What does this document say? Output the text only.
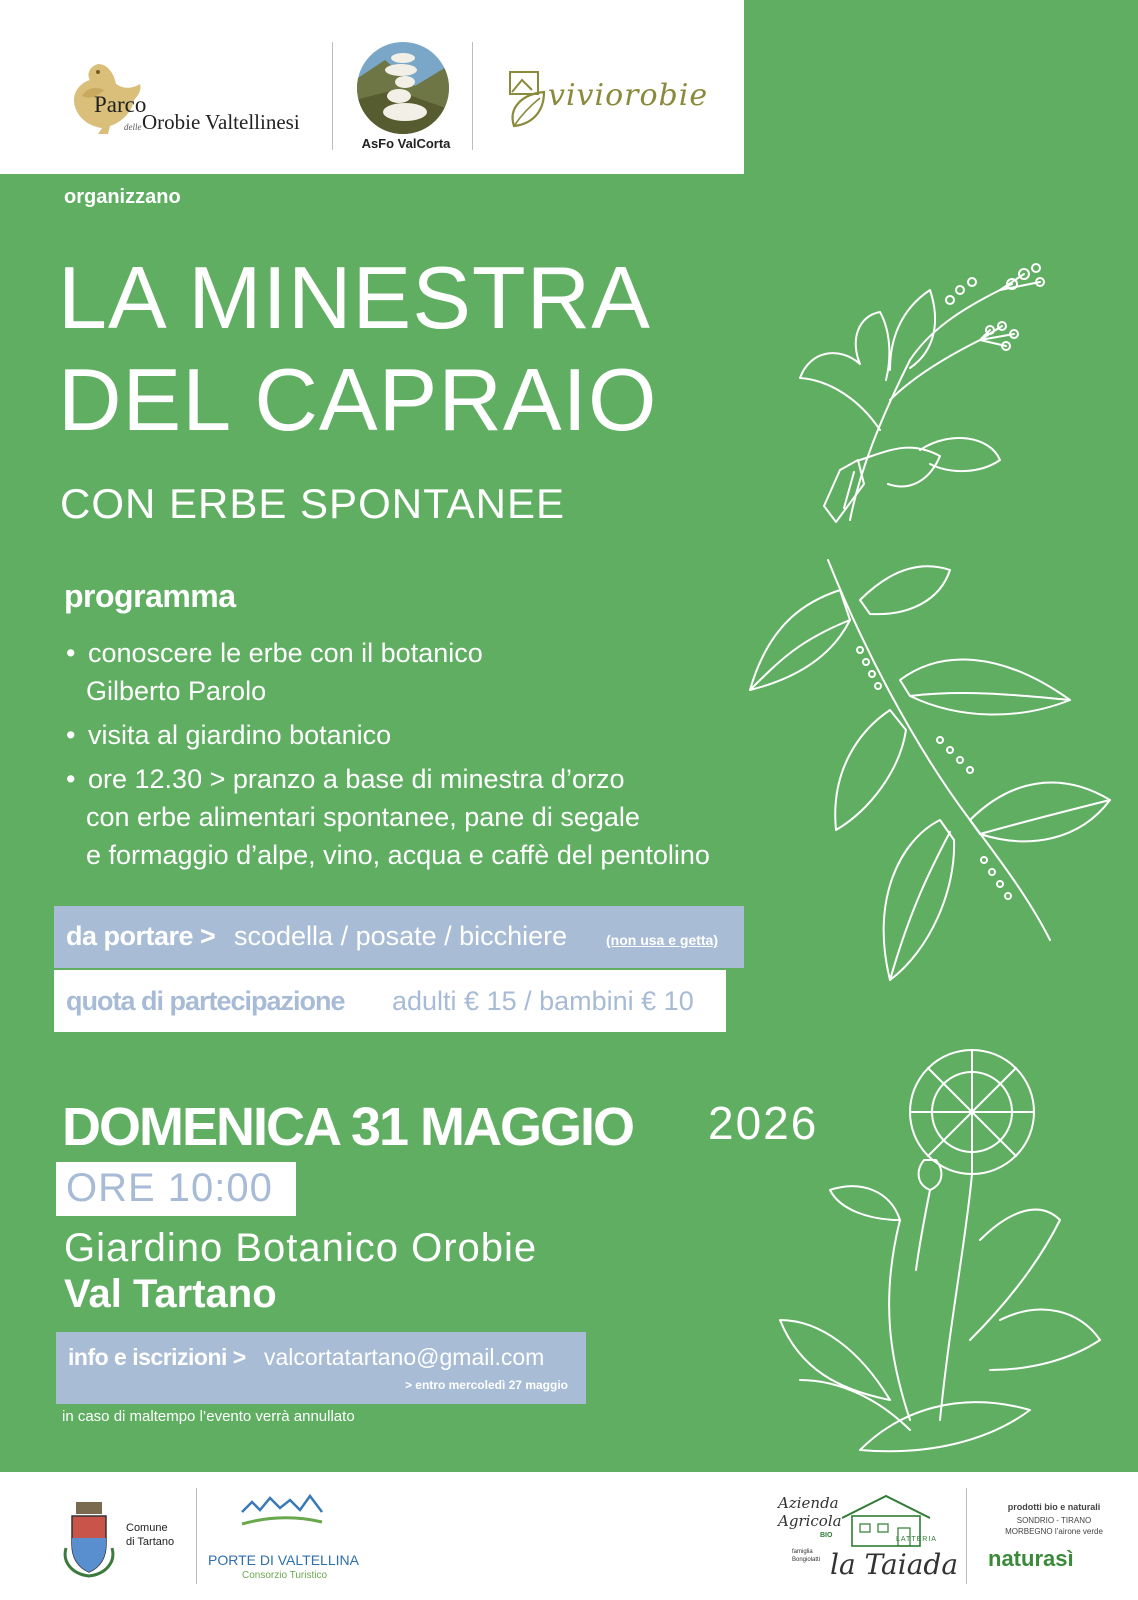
Parco
delle Orobie Valtellinesi
AsFo ValCorta
viviorobie
organizzano
LA MINESTRA
DEL CAPRAIO
CON ERBE SPONTANEE
programma
• conoscere le erbe con il botanico
Gilberto Parolo
• visita al giardino botanico
• ore 12.30 > pranzo a base di minestra d’orzo
con erbe alimentari spontanee, pane di segale
e formaggio d’alpe, vino, acqua e caffè del pentolino
da portare > scodella / posate / bicchiere	(non usa e getta)
quota di partecipazione adulti € 15 / bambini € 10
DOMENICA 31 MAGGIO 2026
ORE 10:00
Giardino Botanico Orobie
Val Tartano
info e iscrizioni > valcortatartano@gmail.com
> entro mercoledì 27 maggio
in caso di maltempo l’evento verrà annullato
Comune
di Tartano
PORTE DI VALTELLINA
Consorzio Turistico
Azienda
Agricola
BIO
LATTERIA
famiglia Bongiolatti la Taiada
prodotti bio e naturali
SONDRIO - TIRANO
MORBEGNO l’airone verde
naturasì
